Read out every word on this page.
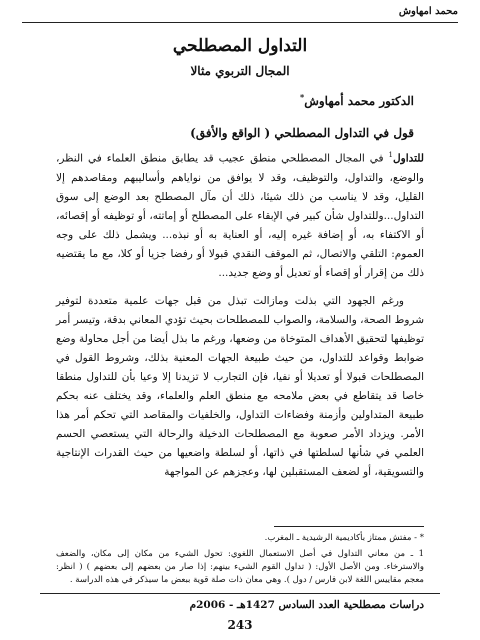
محمد امهاوش
التداول المصطلحي
المجال التربوي مثالا
الدكتور محمد أمهاوش*
قول في التداول المصطلحي ( الواقع والأفق)

للتداول$^1$ في المجال المصطلحي منطق عجيب قد يطابق منطق العلماء في النظر، والوضع، والتداول، والتوظيف، وقد لا يوافق من نواياهم وأساليبهم ومقاصدهم إلا القليل، وقد لا يناسب من ذلك شيئا، ذلك أن مآل المصطلح بعد الوضع إلى سوق التداول...وللتداول شأن كبير في الإبقاء على المصطلح أو إماتته، أو توظيفه أو إقصائه، أو الاكتفاء به، أو إضافة غيره إليه، أو العناية به أو نبذه... ويشمل ذلك على وجه العموم: التلقي والاتصال، ثم الموقف النقدي قبولا أو رفضا جزيا أو كلا، مع ما يقتضيه ذلك من إقرار أو إقصاء أو تعديل أو وضع جديد...

ورغم الجهود التي بذلت ومازالت تبذل من قبل جهات علمية متعددة لتوفير شروط الصحة، والسلامة، والصواب للمصطلحات بحيث تؤدي المعاني بدقة، وتيسر أمر توظيفها لتحقيق الأهداف المتوخاة من وضعها، ورغم ما بذل أيضا من أجل محاولة وضع ضوابط وقواعد للتداول، من حيث طبيعة الجهات المعنية بذلك، وشروط القول في المصطلحات قبولا أو تعديلا أو نفيا، فإن التجارب لا تزيدنا إلا وعيا بأن للتداول منطقا خاصا قد يتقاطع في بعض ملامحه مع منطق العلم والعلماء، وقد يختلف عنه بحكم طبيعة المتداولين وأزمنة وفضاءات التداول، والخلفيات والمقاصد التي تحكم أمر هذا الأمر. ويزداد الأمر صعوبة مع المصطلحات الدخيلة والرحالة التي يستعصي الحسم العلمي في شأنها لسلطتها في ذاتها، أو لسلطة واضعيها من حيث القدرات الإنتاجية والتسويقية، أو لضعف المستقبلين لها، وعجزهم عن المواجهة

* - مفتش ممتاز بأكاديمية الرشيدية ـ المغرب.

1 ـ من معاني التداول في أصل الاستعمال اللغوي: تحول الشيء من مكان إلى مكان، والضعف والاسترخاء. ومن الأصل الأول: ( تداول القوم الشيء بينهم: إذا صار من بعضهم إلى بعضهم ) ( انظر: معجم مقاييس اللغة لابن فارس / دول ). وهي معان ذات صلة قوية ببعض ما سيذكر في هذه الدراسة .

دراسات مصطلحية العدد السادس 1427هـ - 2006م
243
